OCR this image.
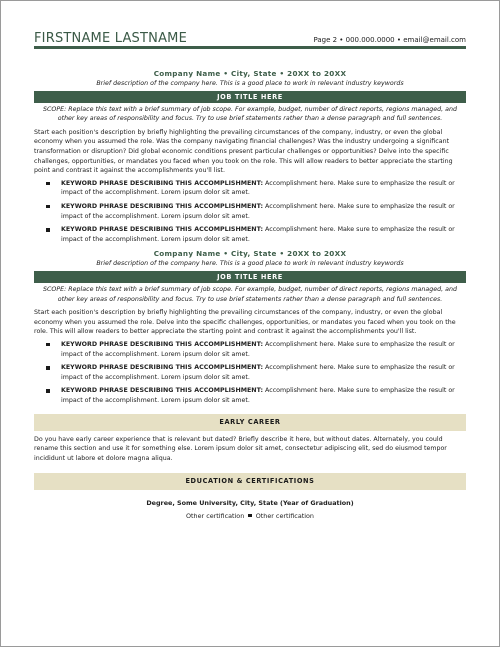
FIRSTNAME LASTNAME	Page 2 • 000.000.0000 • email@email.com
Company Name • City, State • 20XX to 20XX
Brief description of the company here. This is a good place to work in relevant industry keywords
JOB TITLE HERE
SCOPE: Replace this text with a brief summary of job scope. For example, budget, number of direct reports, regions managed, and other key areas of responsibility and focus. Try to use brief statements rather than a dense paragraph and full sentences.
Start each position's description by briefly highlighting the prevailing circumstances of the company, industry, or even the global economy when you assumed the role. Was the company navigating financial challenges? Was the industry undergoing a significant transformation or disruption? Did global economic conditions present particular challenges or opportunities? Delve into the specific challenges, opportunities, or mandates you faced when you took on the role. This will allow readers to better appreciate the starting point and contrast it against the accomplishments you'll list.
KEYWORD PHRASE DESCRIBING THIS ACCOMPLISHMENT: Accomplishment here. Make sure to emphasize the result or impact of the accomplishment. Lorem ipsum dolor sit amet.
KEYWORD PHRASE DESCRIBING THIS ACCOMPLISHMENT: Accomplishment here. Make sure to emphasize the result or impact of the accomplishment. Lorem ipsum dolor sit amet.
KEYWORD PHRASE DESCRIBING THIS ACCOMPLISHMENT: Accomplishment here. Make sure to emphasize the result or impact of the accomplishment. Lorem ipsum dolor sit amet.
Company Name • City, State • 20XX to 20XX
Brief description of the company here. This is a good place to work in relevant industry keywords
JOB TITLE HERE
SCOPE: Replace this text with a brief summary of job scope. For example, budget, number of direct reports, regions managed, and other key areas of responsibility and focus. Try to use brief statements rather than a dense paragraph and full sentences.
Start each position's description by briefly highlighting the prevailing circumstances of the company, industry, or even the global economy when you assumed the role. Delve into the specific challenges, opportunities, or mandates you faced when you took on the role. This will allow readers to better appreciate the starting point and contrast it against the accomplishments you'll list.
KEYWORD PHRASE DESCRIBING THIS ACCOMPLISHMENT: Accomplishment here. Make sure to emphasize the result or impact of the accomplishment. Lorem ipsum dolor sit amet.
KEYWORD PHRASE DESCRIBING THIS ACCOMPLISHMENT: Accomplishment here. Make sure to emphasize the result or impact of the accomplishment. Lorem ipsum dolor sit amet.
KEYWORD PHRASE DESCRIBING THIS ACCOMPLISHMENT: Accomplishment here. Make sure to emphasize the result or impact of the accomplishment. Lorem ipsum dolor sit amet.
EARLY CAREER
Do you have early career experience that is relevant but dated? Briefly describe it here, but without dates. Alternately, you could rename this section and use it for something else. Lorem ipsum dolor sit amet, consectetur adipiscing elit, sed do eiusmod tempor incididunt ut labore et dolore magna aliqua.
EDUCATION & CERTIFICATIONS
Degree, Some University, City, State (Year of Graduation)
Other certification Other certification
